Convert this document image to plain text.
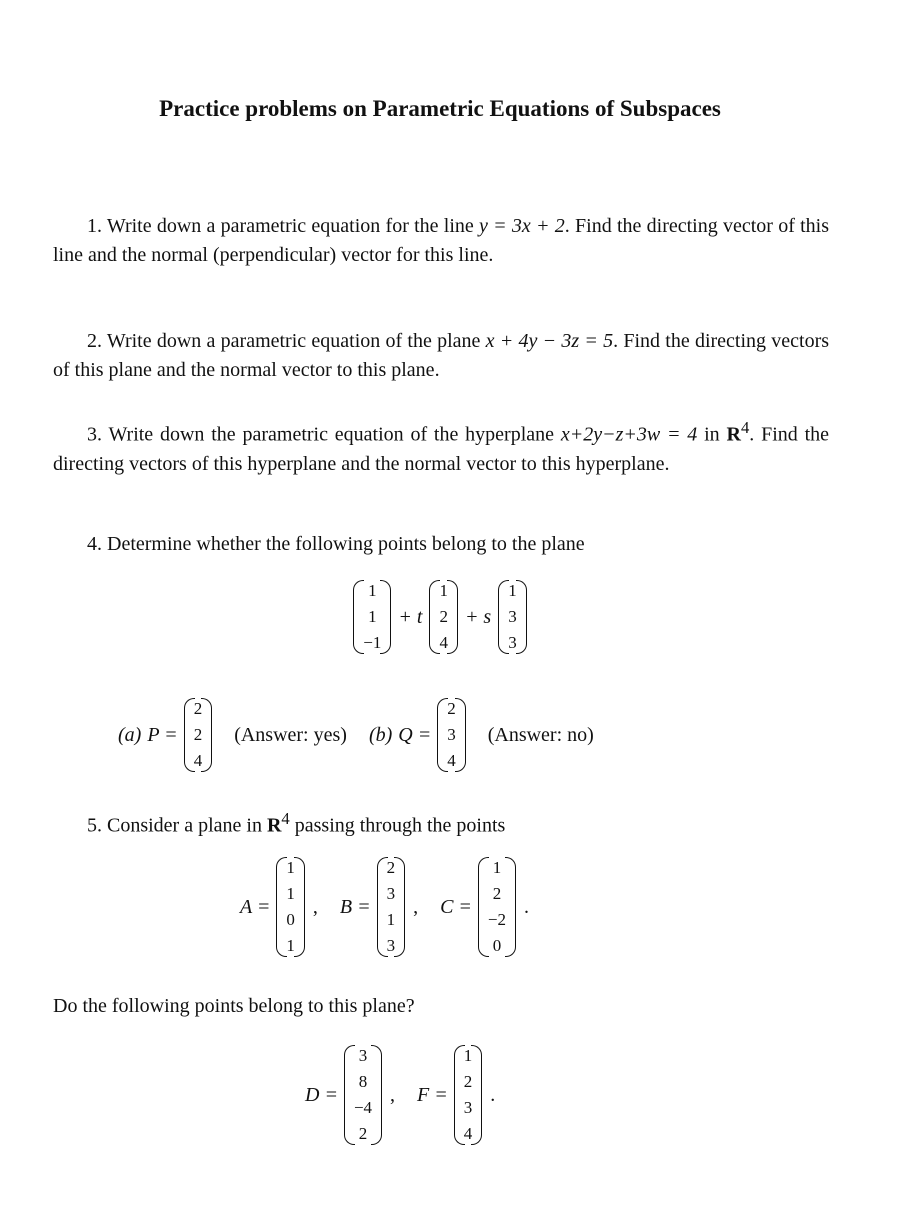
Practice problems on Parametric Equations of Subspaces
1. Write down a parametric equation for the line y = 3x + 2. Find the directing vector of this line and the normal (perpendicular) vector for this line.
2. Write down a parametric equation of the plane x + 4y − 3z = 5. Find the directing vectors of this plane and the normal vector to this plane.
3. Write down the parametric equation of the hyperplane x+2y−z+3w = 4 in $R^4$. Find the directing vectors of this hyperplane and the normal vector to this hyperplane.
4. Determine whether the following points belong to the plane
1
1
−1
+ t
1
2
4
+ s
1
3
3
(a) P =
2
2
4
(Answer: yes) (b) Q =
2
3
4
(Answer: no)
5. Consider a plane in $R^4$ passing through the points
A =
1
1
0
1
, B =
2
3
1
3
, C =
1
2
−2
0
.
Do the following points belong to this plane?
D =
3
8
−4
2
, F =
1
2
3
4
.
